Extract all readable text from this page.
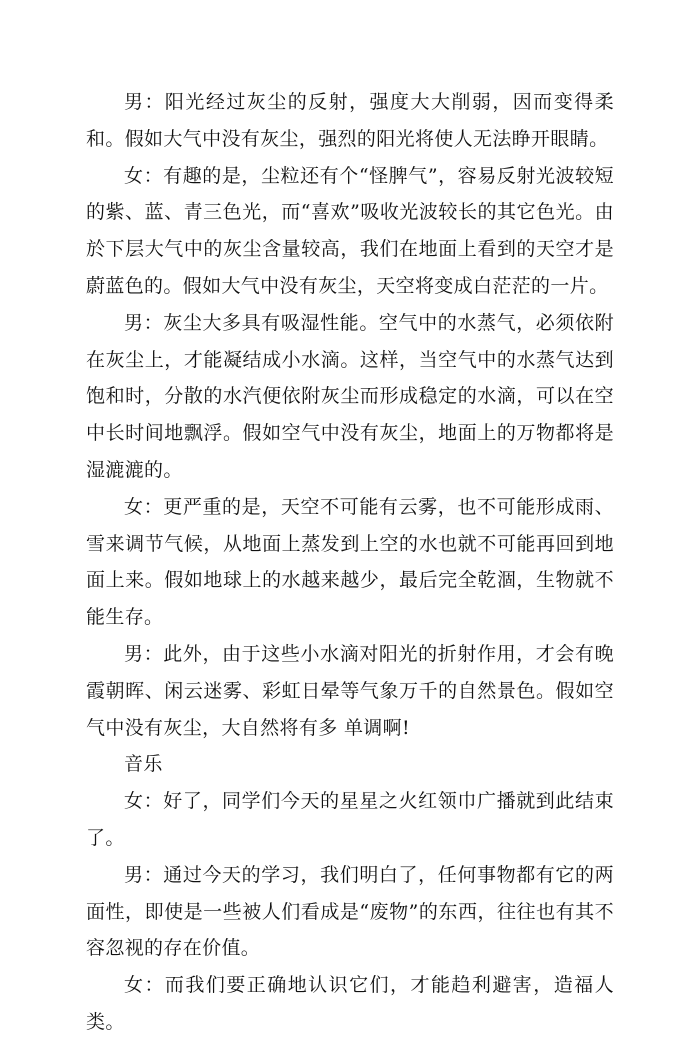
男：阳光经过灰尘的反射，强度大大削弱，因而变得柔和。假如大气中没有灰尘，强烈的阳光将使人无法睁开眼睛。

女：有趣的是，尘粒还有个“怪脾气”，容易反射光波较短的紫、蓝、青三色光，而“喜欢”吸收光波较长的其它色光。由於下层大气中的灰尘含量较高，我们在地面上看到的天空才是蔚蓝色的。假如大气中没有灰尘，天空将变成白茫茫的一片。

男：灰尘大多具有吸湿性能。空气中的水蒸气，必须依附在灰尘上，才能凝结成小水滴。这样，当空气中的水蒸气达到饱和时，分散的水汽便依附灰尘而形成稳定的水滴，可以在空中长时间地飘浮。假如空气中没有灰尘，地面上的万物都将是湿漉漉的。

女：更严重的是，天空不可能有云雾，也不可能形成雨、雪来调节气候，从地面上蒸发到上空的水也就不可能再回到地面上来。假如地球上的水越来越少，最后完全乾涸，生物就不能生存。

男：此外，由于这些小水滴对阳光的折射作用，才会有晚霞朝晖、闲云迷雾、彩虹日晕等气象万千的自然景色。假如空气中没有灰尘，大自然将有多 单调啊!

音乐

女：好了，同学们今天的星星之火红领巾广播就到此结束了。

男：通过今天的学习，我们明白了，任何事物都有它的两面性，即使是一些被人们看成是“废物”的东西，往往也有其不容忽视的存在价值。

女：而我们要正确地认识它们，才能趋利避害，造福人类。
